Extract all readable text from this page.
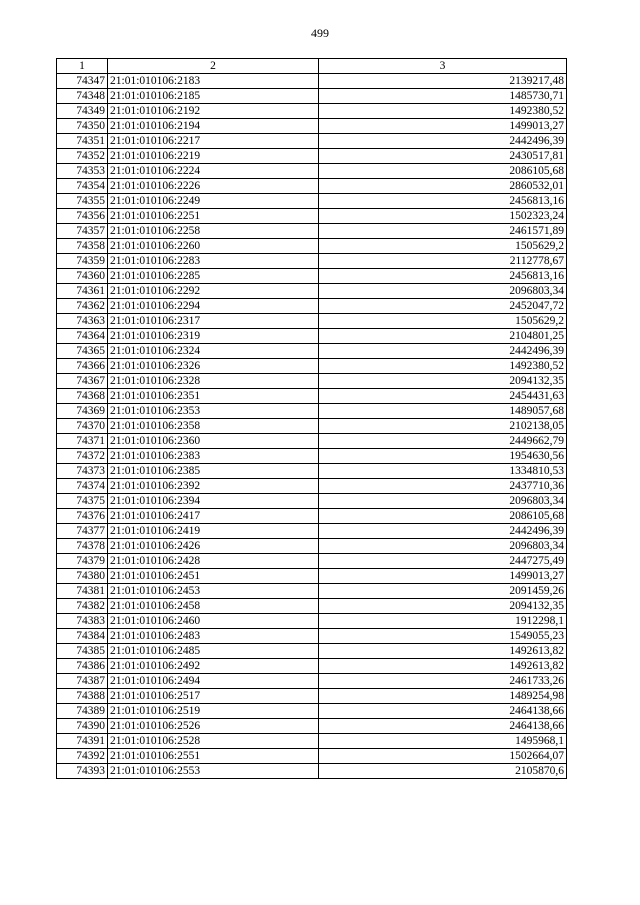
499
1	2	3
74347	21:01:010106:2183	2139217,48
74348	21:01:010106:2185	1485730,71
74349	21:01:010106:2192	1492380,52
74350	21:01:010106:2194	1499013,27
74351	21:01:010106:2217	2442496,39
74352	21:01:010106:2219	2430517,81
74353	21:01:010106:2224	2086105,68
74354	21:01:010106:2226	2860532,01
74355	21:01:010106:2249	2456813,16
74356	21:01:010106:2251	1502323,24
74357	21:01:010106:2258	2461571,89
74358	21:01:010106:2260	1505629,2
74359	21:01:010106:2283	2112778,67
74360	21:01:010106:2285	2456813,16
74361	21:01:010106:2292	2096803,34
74362	21:01:010106:2294	2452047,72
74363	21:01:010106:2317	1505629,2
74364	21:01:010106:2319	2104801,25
74365	21:01:010106:2324	2442496,39
74366	21:01:010106:2326	1492380,52
74367	21:01:010106:2328	2094132,35
74368	21:01:010106:2351	2454431,63
74369	21:01:010106:2353	1489057,68
74370	21:01:010106:2358	2102138,05
74371	21:01:010106:2360	2449662,79
74372	21:01:010106:2383	1954630,56
74373	21:01:010106:2385	1334810,53
74374	21:01:010106:2392	2437710,36
74375	21:01:010106:2394	2096803,34
74376	21:01:010106:2417	2086105,68
74377	21:01:010106:2419	2442496,39
74378	21:01:010106:2426	2096803,34
74379	21:01:010106:2428	2447275,49
74380	21:01:010106:2451	1499013,27
74381	21:01:010106:2453	2091459,26
74382	21:01:010106:2458	2094132,35
74383	21:01:010106:2460	1912298,1
74384	21:01:010106:2483	1549055,23
74385	21:01:010106:2485	1492613,82
74386	21:01:010106:2492	1492613,82
74387	21:01:010106:2494	2461733,26
74388	21:01:010106:2517	1489254,98
74389	21:01:010106:2519	2464138,66
74390	21:01:010106:2526	2464138,66
74391	21:01:010106:2528	1495968,1
74392	21:01:010106:2551	1502664,07
74393	21:01:010106:2553	2105870,6
